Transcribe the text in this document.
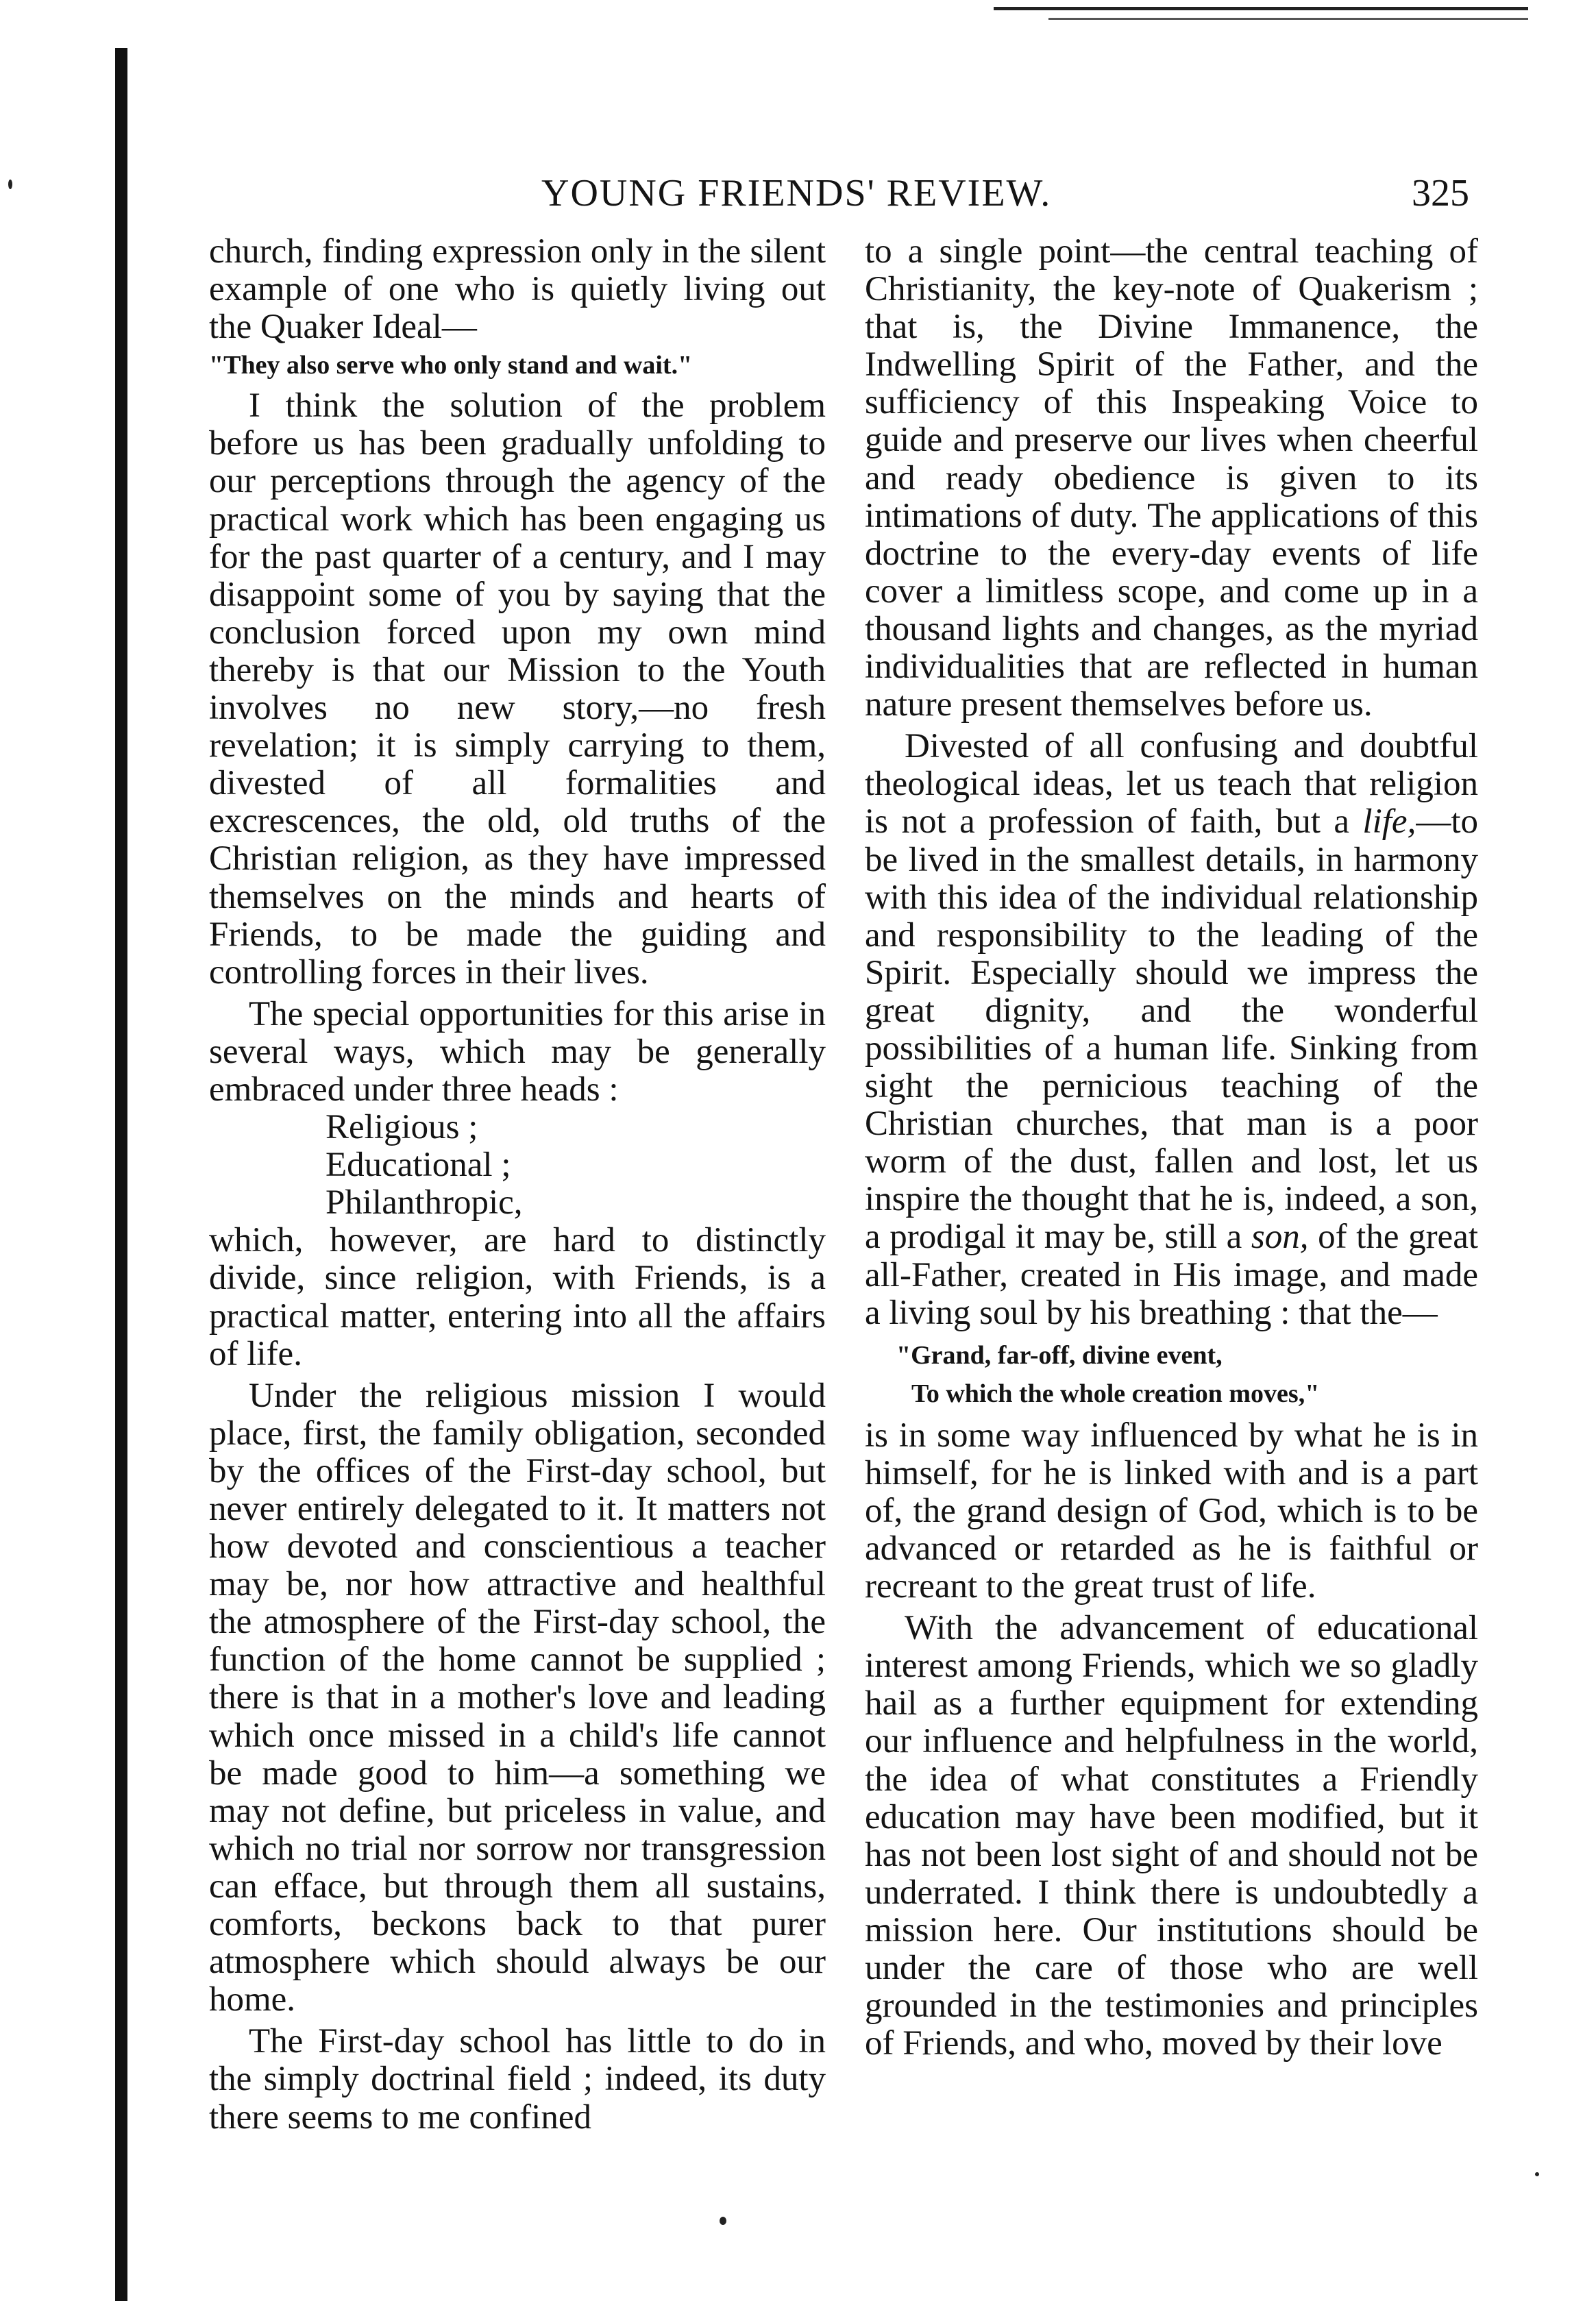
YOUNG FRIENDS' REVIEW.	325

church, finding expression only in the silent example of one who is quietly living out the Quaker Ideal—

"They also serve who only stand and wait."

I think the solution of the problem before us has been gradually unfolding to our perceptions through the agency of the practical work which has been engaging us for the past quarter of a century, and I may disappoint some of you by saying that the conclusion forced upon my own mind thereby is that our Mission to the Youth involves no new story,—no fresh revelation; it is simply carrying to them, divested of all formalities and excrescences, the old, old truths of the Christian religion, as they have impressed themselves on the minds and hearts of Friends, to be made the guiding and controlling forces in their lives.

The special opportunities for this arise in several ways, which may be generally embraced under three heads :

Religious ;

Educational ;

Philanthropic,

which, however, are hard to distinctly divide, since religion, with Friends, is a practical matter, entering into all the affairs of life.

Under the religious mission I would place, first, the family obligation, seconded by the offices of the First-day school, but never entirely delegated to it. It matters not how devoted and conscientious a teacher may be, nor how attractive and healthful the atmosphere of the First-day school, the function of the home cannot be supplied ; there is that in a mother's love and leading which once missed in a child's life cannot be made good to him—a something we may not define, but priceless in value, and which no trial nor sorrow nor transgression can efface, but through them all sustains, comforts, beckons back to that purer atmosphere which should always be our home.

The First-day school has little to do in the simply doctrinal field ; indeed, its duty there seems to me confined

to a single point—the central teaching of Christianity, the key-note of Quakerism ; that is, the Divine Immanence, the Indwelling Spirit of the Father, and the sufficiency of this Inspeaking Voice to guide and preserve our lives when cheerful and ready obedience is given to its intimations of duty. The applications of this doctrine to the every-day events of life cover a limitless scope, and come up in a thousand lights and changes, as the myriad individualities that are reflected in human nature present themselves before us.

Divested of all confusing and doubtful theological ideas, let us teach that religion is not a profession of faith, but a life,—to be lived in the smallest details, in harmony with this idea of the individual relationship and responsibility to the leading of the Spirit. Especially should we impress the great dignity, and the wonderful possibilities of a human life. Sinking from sight the pernicious teaching of the Christian churches, that man is a poor worm of the dust, fallen and lost, let us inspire the thought that he is, indeed, a son, a prodigal it may be, still a son, of the great all-Father, created in His image, and made a living soul by his breathing : that the—

"Grand, far-off, divine event,

To which the whole creation moves,"

is in some way influenced by what he is in himself, for he is linked with and is a part of, the grand design of God, which is to be advanced or retarded as he is faithful or recreant to the great trust of life.

With the advancement of educational interest among Friends, which we so gladly hail as a further equipment for extending our influence and helpfulness in the world, the idea of what constitutes a Friendly education may have been modified, but it has not been lost sight of and should not be underrated. I think there is undoubtedly a mission here. Our institutions should be under the care of those who are well grounded in the testimonies and principles of Friends, and who, moved by their love
